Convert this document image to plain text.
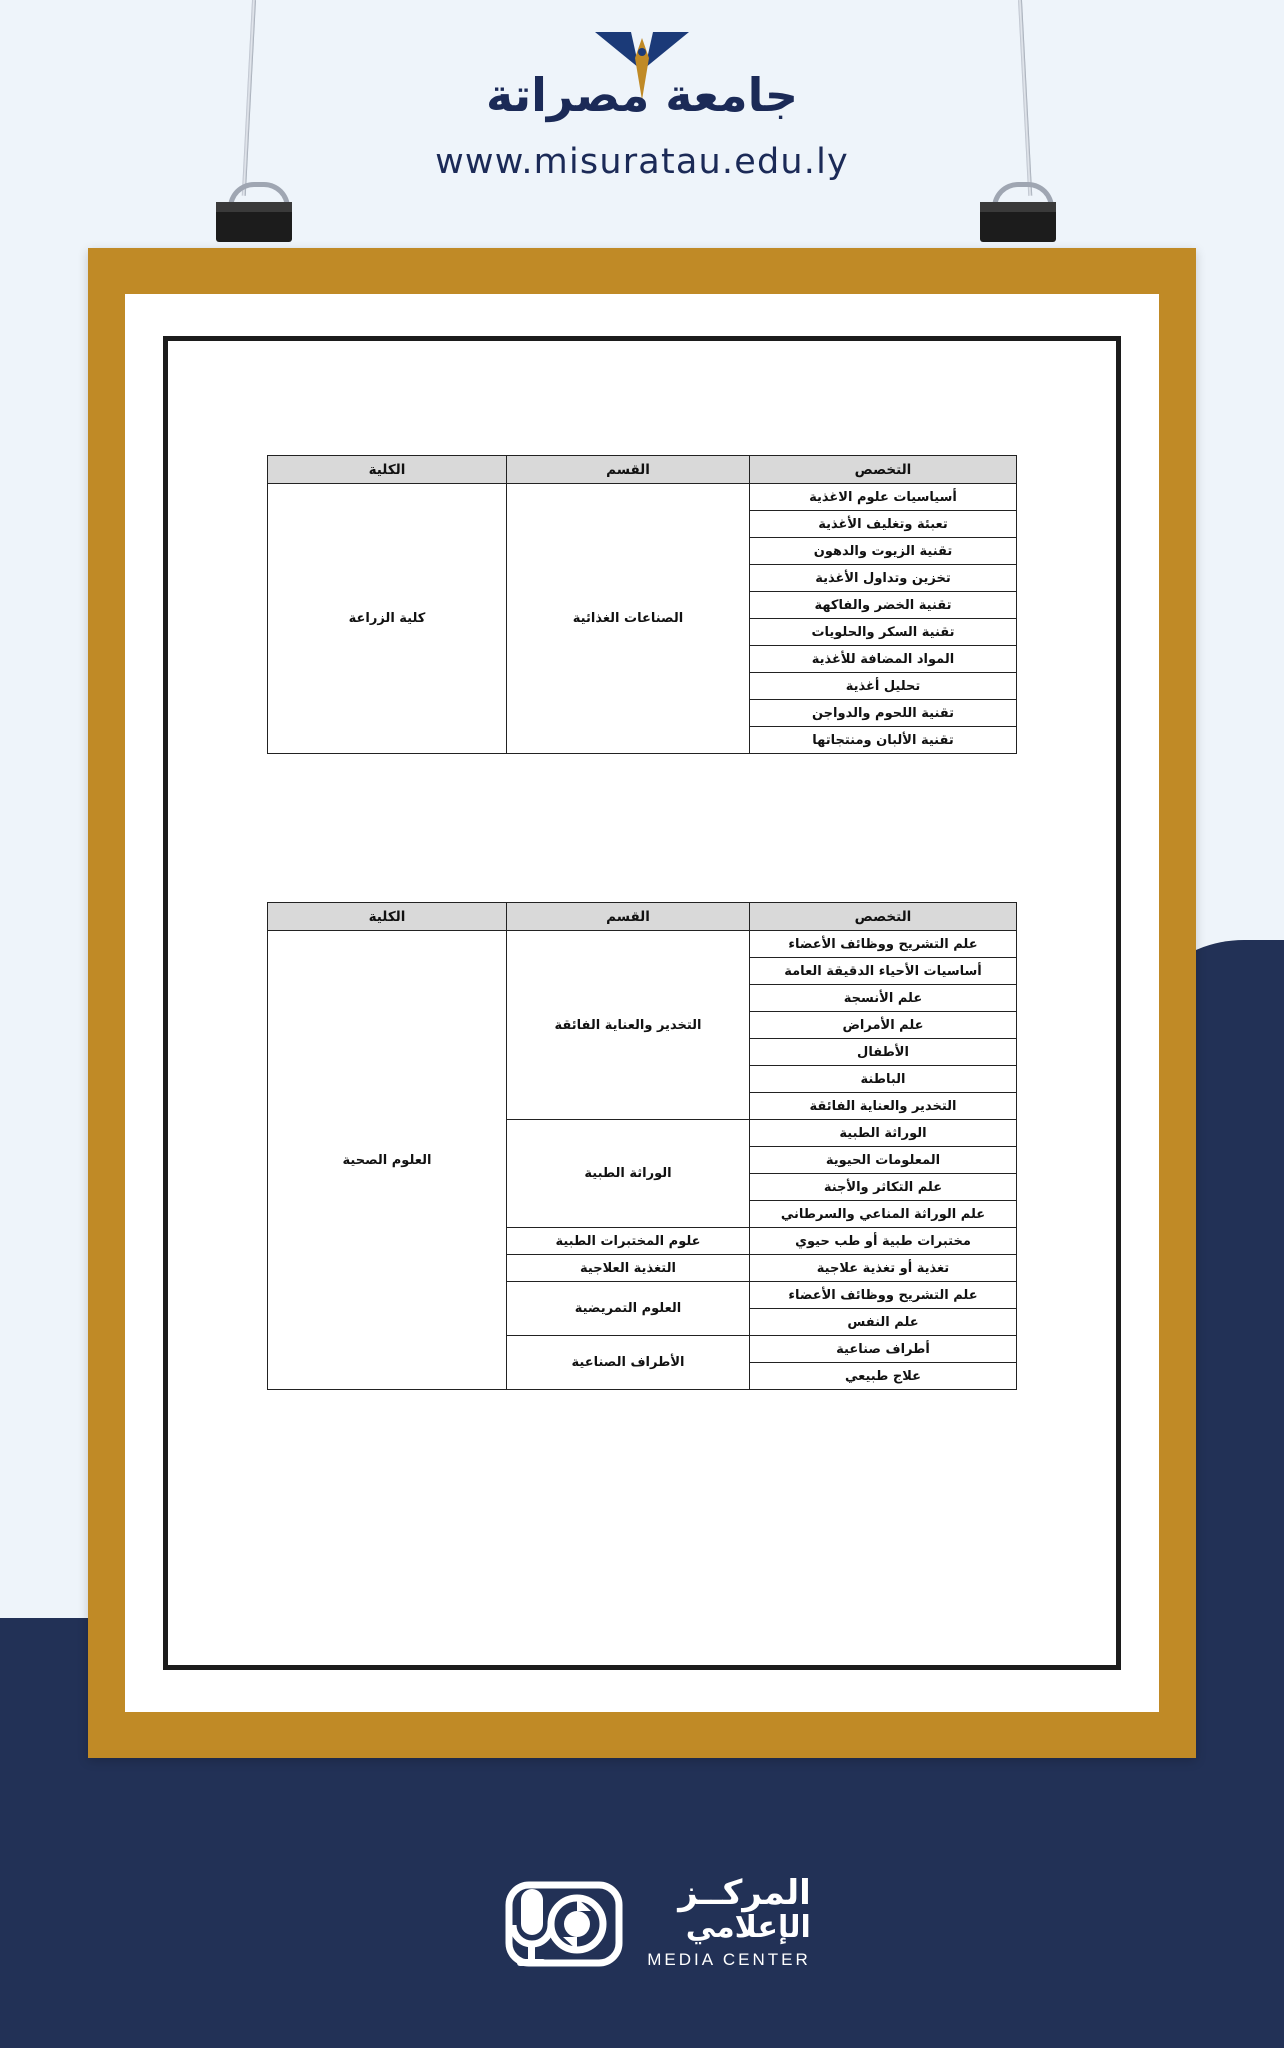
جامعة مصراتة
www.misuratau.edu.ly
التخصص	القسم	الكلية
أسياسيات علوم الاغذية	الصناعات الغذائية	كلية الزراعة
تعبئة وتغليف الأغذية		
تقنية الزيوت والدهون		
تخزين وتداول الأغذية		
تقنية الخضر والفاكهة		
تقنية السكر والحلويات		
المواد المضافة للأغذية		
تحليل أغذية		
تقنية اللحوم والدواجن		
تقنية الألبان ومنتجاتها		
التخصص	القسم	الكلية
علم التشريح ووظائف الأعضاء	التخدير والعناية الفائقة	العلوم الصحية
أساسيات الأحياء الدقيقة العامة		
علم الأنسجة		
علم الأمراض		
الأطفال		
الباطنة		
التخدير والعناية الفائقة		
الوراثة الطبية	الوراثة الطبية	
المعلومات الحيوية		
علم التكاثر والأجنة		
علم الوراثة المناعي والسرطاني		
مختبرات طبية أو طب حيوي	علوم المختبرات الطبية	
تغذية أو تغذية علاجية	التغذية العلاجية	
علم التشريح ووظائف الأعضاء	العلوم التمريضية	
علم النفس		
أطراف صناعية	الأطراف الصناعية	
علاج طبيعي		
المركــز
الإعلامي
MEDIA CENTER
